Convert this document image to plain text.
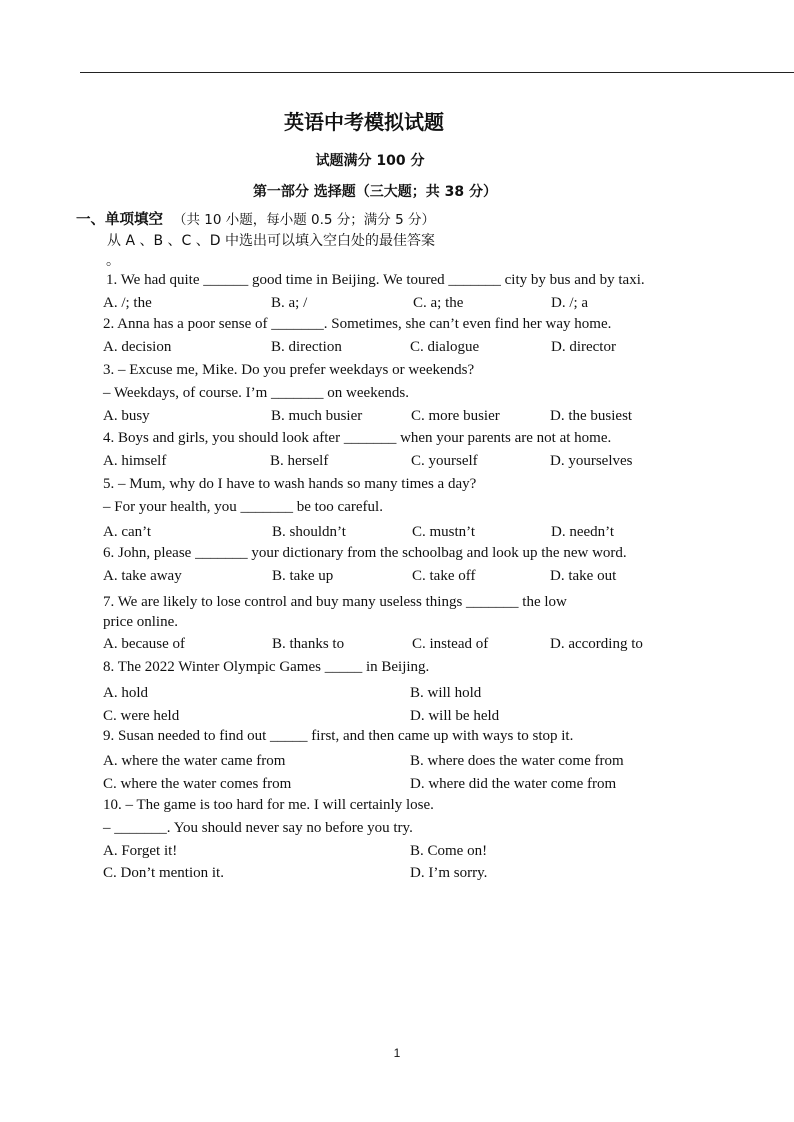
英语中考模拟试题
试题满分 100 分
第一部分 选择题（三大题；共 38 分）
一、单项填空 （共 10 小题，每小题 0.5 分；满分 5 分）
从 A 、B 、C 、D 中选出可以填入空白处的最佳答案
。
1. We had quite ______ good time in Beijing. We toured _______ city by bus and by taxi.
A. /; the	B. a; /	C. a; the	D. /; a
2. Anna has a poor sense of _______. Sometimes, she can’t even find her way home.
A. decision	B. direction	C. dialogue	D. director
3. – Excuse me, Mike. Do you prefer weekdays or weekends?
– Weekdays, of course. I’m _______ on weekends.
A. busy	B. much busier	C. more busier	D. the busiest
4. Boys and girls, you should look after _______ when your parents are not at home.
A. himself	B. herself	C. yourself	D. yourselves
5. – Mum, why do I have to wash hands so many times a day?
– For your health, you _______ be too careful.
A. can’t	B. shouldn’t	C. mustn’t	D. needn’t
6. John, please _______ your dictionary from the schoolbag and look up the new word.
A. take away	B. take up	C. take off	D. take out
7. We are likely to lose control and buy many useless things _______ the low
price online.
A. because of	B. thanks to	C. instead of	D. according to
8. The 2022 Winter Olympic Games _____ in Beijing.
A. hold	B. will hold
C. were held	D. will be held
9. Susan needed to find out _____ first, and then came up with ways to stop it.
A. where the water came from	B. where does the water come from
C. where the water comes from	D. where did the water come from
10. – The game is too hard for me. I will certainly lose.
– _______. You should never say no before you try.
A. Forget it!	B. Come on!
C. Don’t mention it.	D. I’m sorry.
1
